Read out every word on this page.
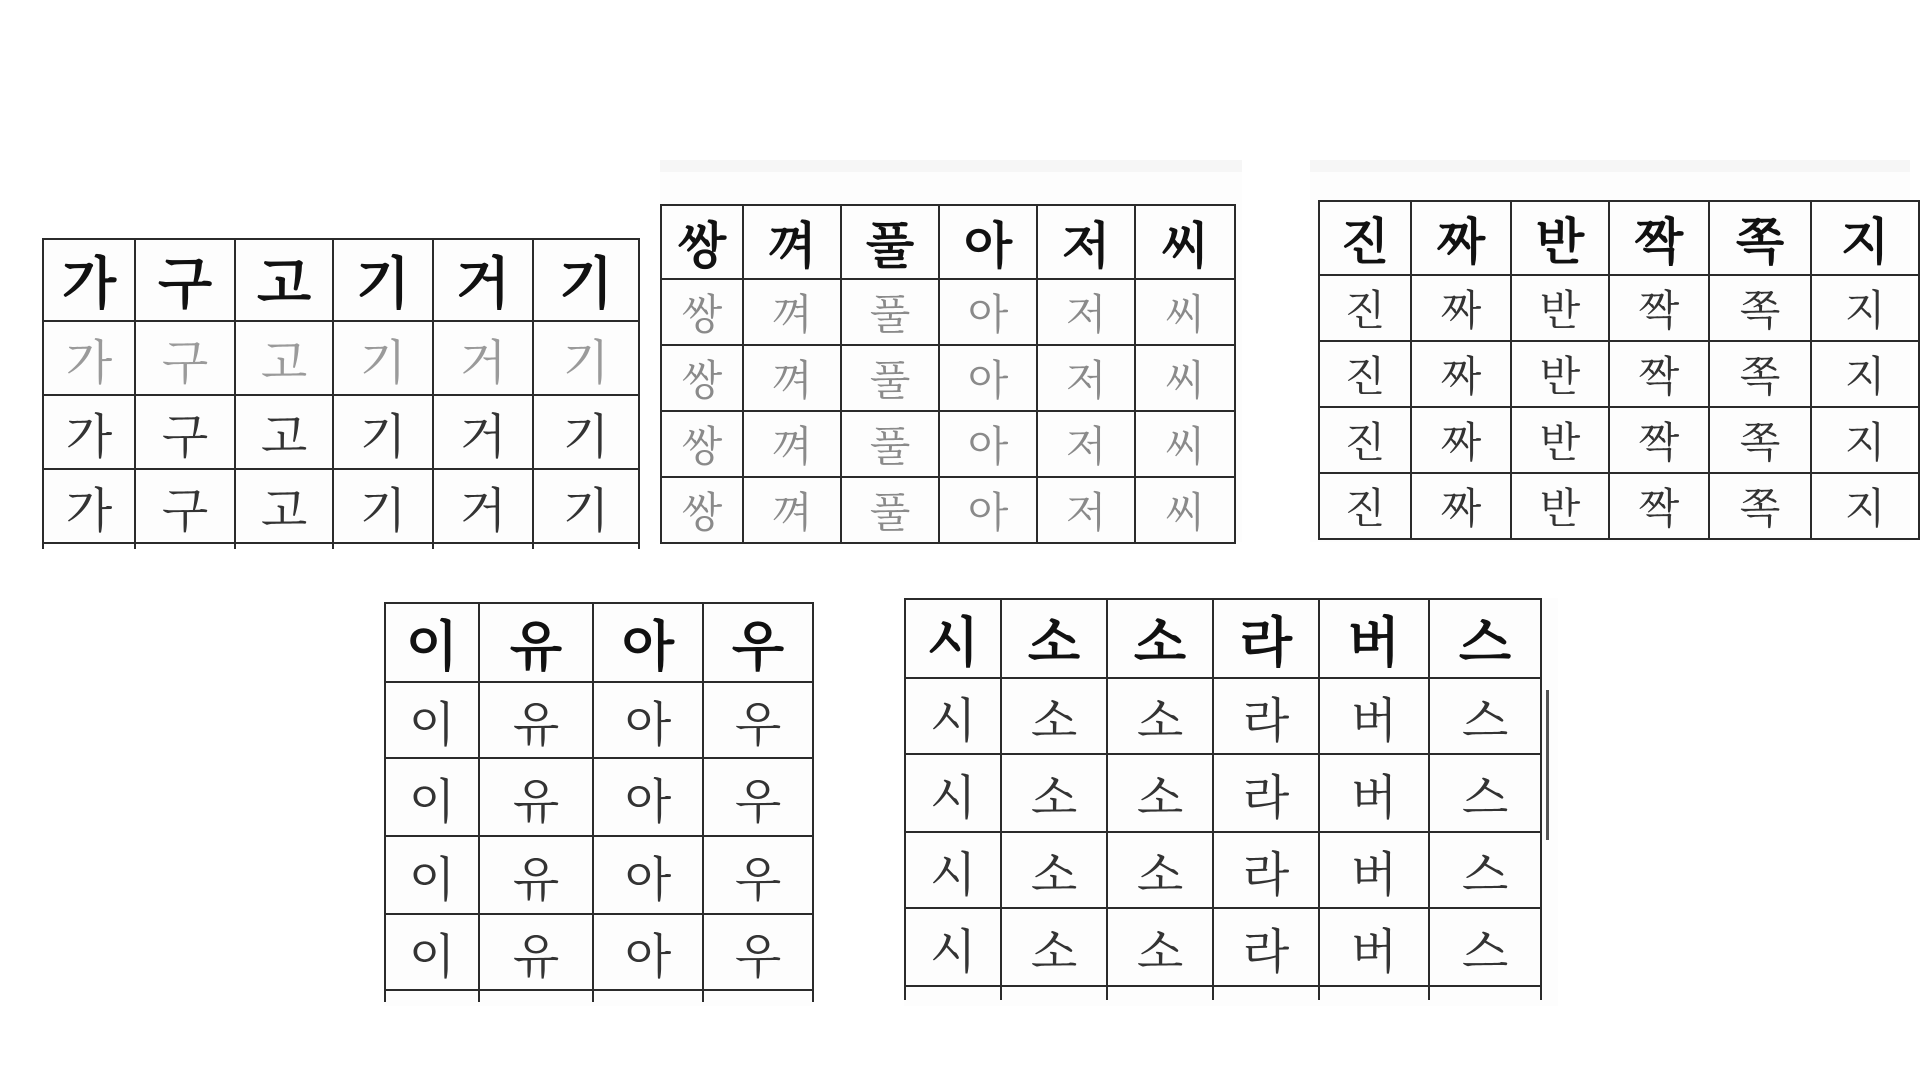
가	구	고	기	거	기
가	구	고	기	거	기
가	구	고	기	거	기
가	구	고	기	거	기

쌍	껴	풀	아	저	씨
쌍	껴	풀	아	저	씨
쌍	껴	풀	아	저	씨
쌍	껴	풀	아	저	씨
쌍	껴	풀	아	저	씨
진	짜	반	짝	쪽	지
진	짜	반	짝	쪽	지
진	짜	반	짝	쪽	지
진	짜	반	짝	쪽	지
진	짜	반	짝	쪽	지
이	유	아	우
이	유	아	우
이	유	아	우
이	유	아	우
이	유	아	우

시	소	소	라	버	스
시	소	소	라	버	스
시	소	소	라	버	스
시	소	소	라	버	스
시	소	소	라	버	스
